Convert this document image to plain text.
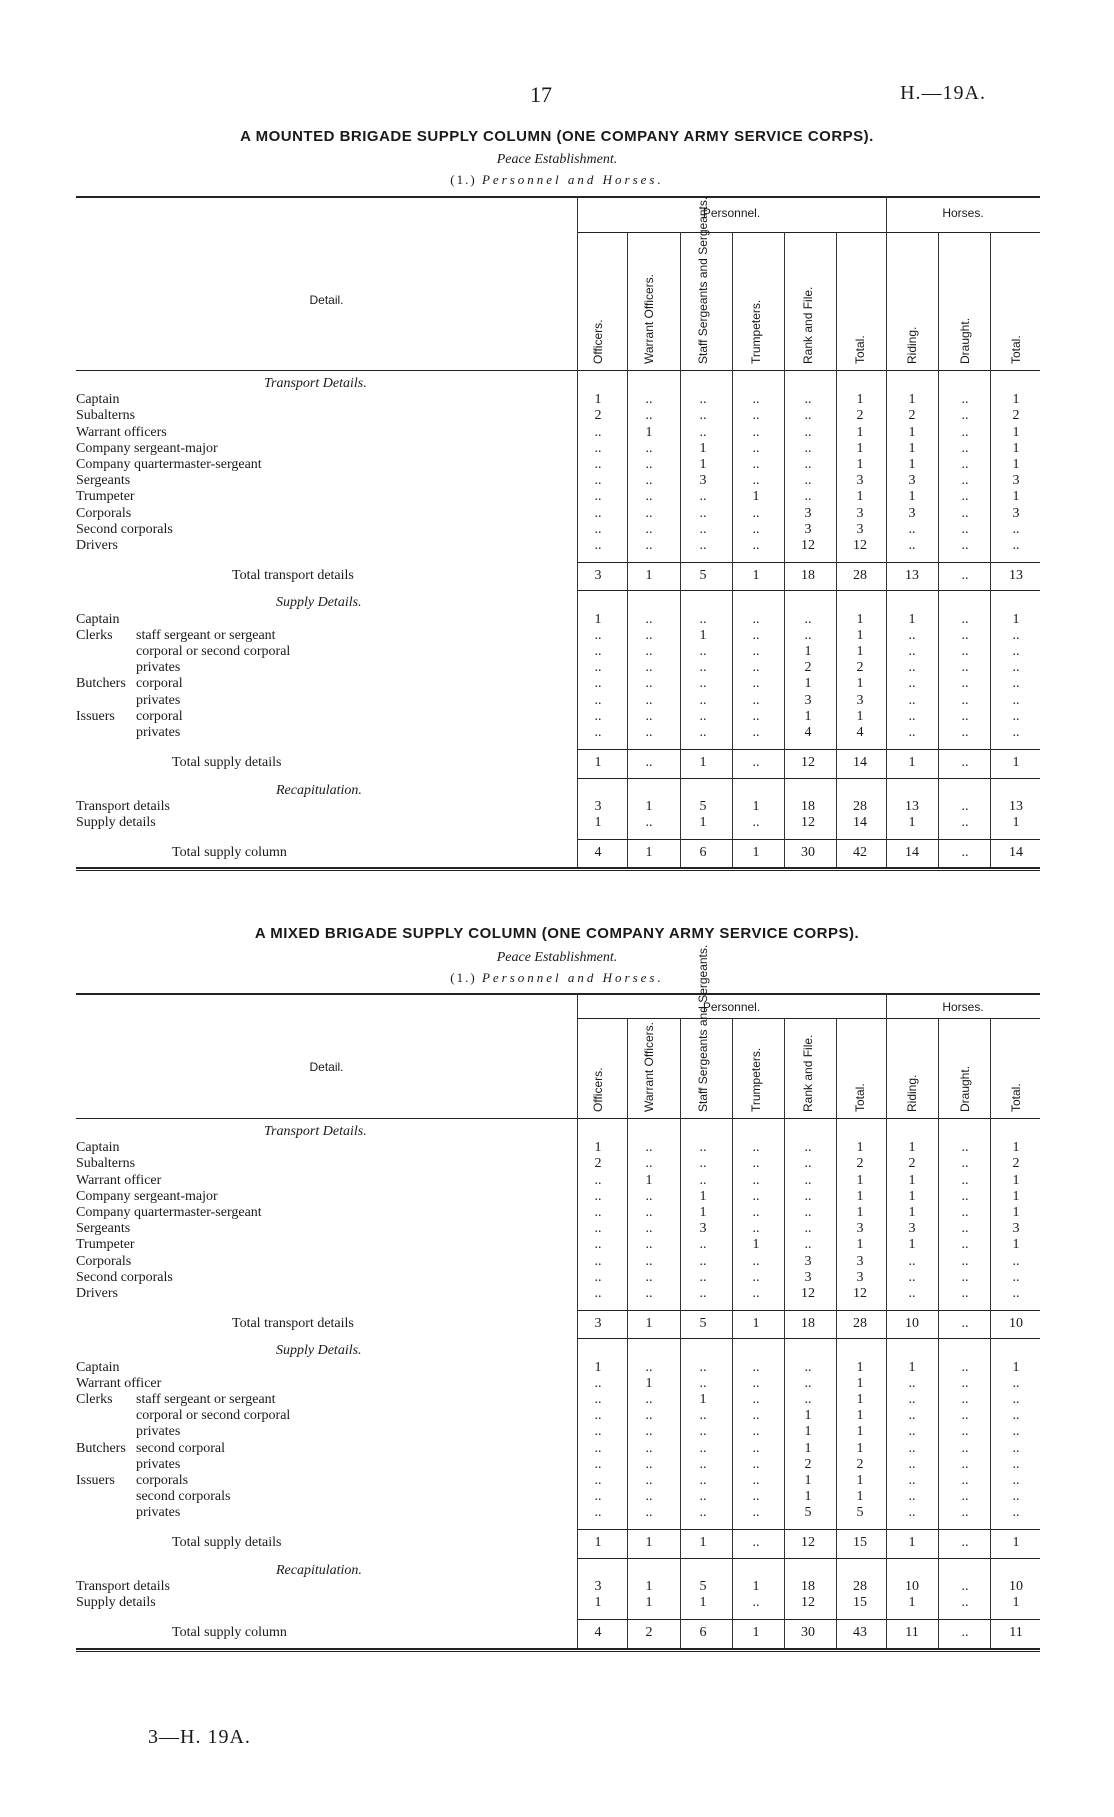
17	H.—19A.
A MOUNTED BRIGADE SUPPLY COLUMN (ONE COMPANY ARMY SERVICE CORPS).
Peace Establishment.
(1.) Personnel and Horses.
Personnel.	Horses.
Detail.
Officers.	Warrant Officers.	Staff Sergeants and Sergeants.	Trumpeters.	Rank and File.	Total.	Riding.	Draught.	Total.
Transport Details.
Captain	1	..	..	..	..	1	1	..	1
Subalterns	2	..	..	..	..	2	2	..	2
Warrant officers	..	1	..	..	..	1	1	..	1
Company sergeant-major	..	..	1	..	..	1	1	..	1
Company quartermaster-sergeant	..	..	1	..	..	1	1	..	1
Sergeants	..	..	3	..	..	3	3	..	3
Trumpeter	..	..	..	1	..	1	1	..	1
Corporals	..	..	..	..	3	3	3	..	3
Second corporals	..	..	..	..	3	3	..	..	..
Drivers	..	..	..	..	12	12	..	..	..
Total transport details	3	1	5	1	18	28	13	..	13
Supply Details.
Captain	1	..	..	..	..	1	1	..	1
Clerks staff sergeant or sergeant	..	..	1	..	..	1	..	..	..
corporal or second corporal	..	..	..	..	1	1	..	..	..
privates	..	..	..	..	2	2	..	..	..
Butchers corporal	..	..	..	..	1	1	..	..	..
privates	..	..	..	..	3	3	..	..	..
Issuers corporal	..	..	..	..	1	1	..	..	..
privates	..	..	..	..	4	4	..	..	..
Total supply details	1	..	1	..	12	14	1	..	1
Recapitulation.
Transport details	3	1	5	1	18	28	13	..	13
Supply details	1	..	1	..	12	14	1	..	1
Total supply column	4	1	6	1	30	42	14	..	14
A MIXED BRIGADE SUPPLY COLUMN (ONE COMPANY ARMY SERVICE CORPS).
Peace Establishment.
(1.) Personnel and Horses.
Personnel.	Horses.
Detail.
Officers.	Warrant Officers.	Staff Sergeants and Sergeants.	Trumpeters.	Rank and File.	Total.	Riding.	Draught.	Total.
Transport Details.
Captain	1	..	..	..	..	1	1	..	1
Subalterns	2	..	..	..	..	2	2	..	2
Warrant officer	..	1	..	..	..	1	1	..	1
Company sergeant-major	..	..	1	..	..	1	1	..	1
Company quartermaster-sergeant	..	..	1	..	..	1	1	..	1
Sergeants	..	..	3	..	..	3	3	..	3
Trumpeter	..	..	..	1	..	1	1	..	1
Corporals	..	..	..	..	3	3	..	..	..
Second corporals	..	..	..	..	3	3	..	..	..
Drivers	..	..	..	..	12	12	..	..	..
Total transport details	3	1	5	1	18	28	10	..	10
Supply Details.
Captain	1	..	..	..	..	1	1	..	1
Warrant officer	..	1	..	..	..	1	..	..	..
Clerks staff sergeant or sergeant	..	..	1	..	..	1	..	..	..
corporal or second corporal	..	..	..	..	1	1	..	..	..
privates	..	..	..	..	1	1	..	..	..
Butchers second corporal	..	..	..	..	1	1	..	..	..
privates	..	..	..	..	2	2	..	..	..
Issuers corporals	..	..	..	..	1	1	..	..	..
second corporals	..	..	..	..	1	1	..	..	..
privates	..	..	..	..	5	5	..	..	..
Total supply details	1	1	1	..	12	15	1	..	1
Recapitulation.
Transport details	3	1	5	1	18	28	10	..	10
Supply details	1	1	1	..	12	15	1	..	1
Total supply column	4	2	6	1	30	43	11	..	11
3—H. 19A.
